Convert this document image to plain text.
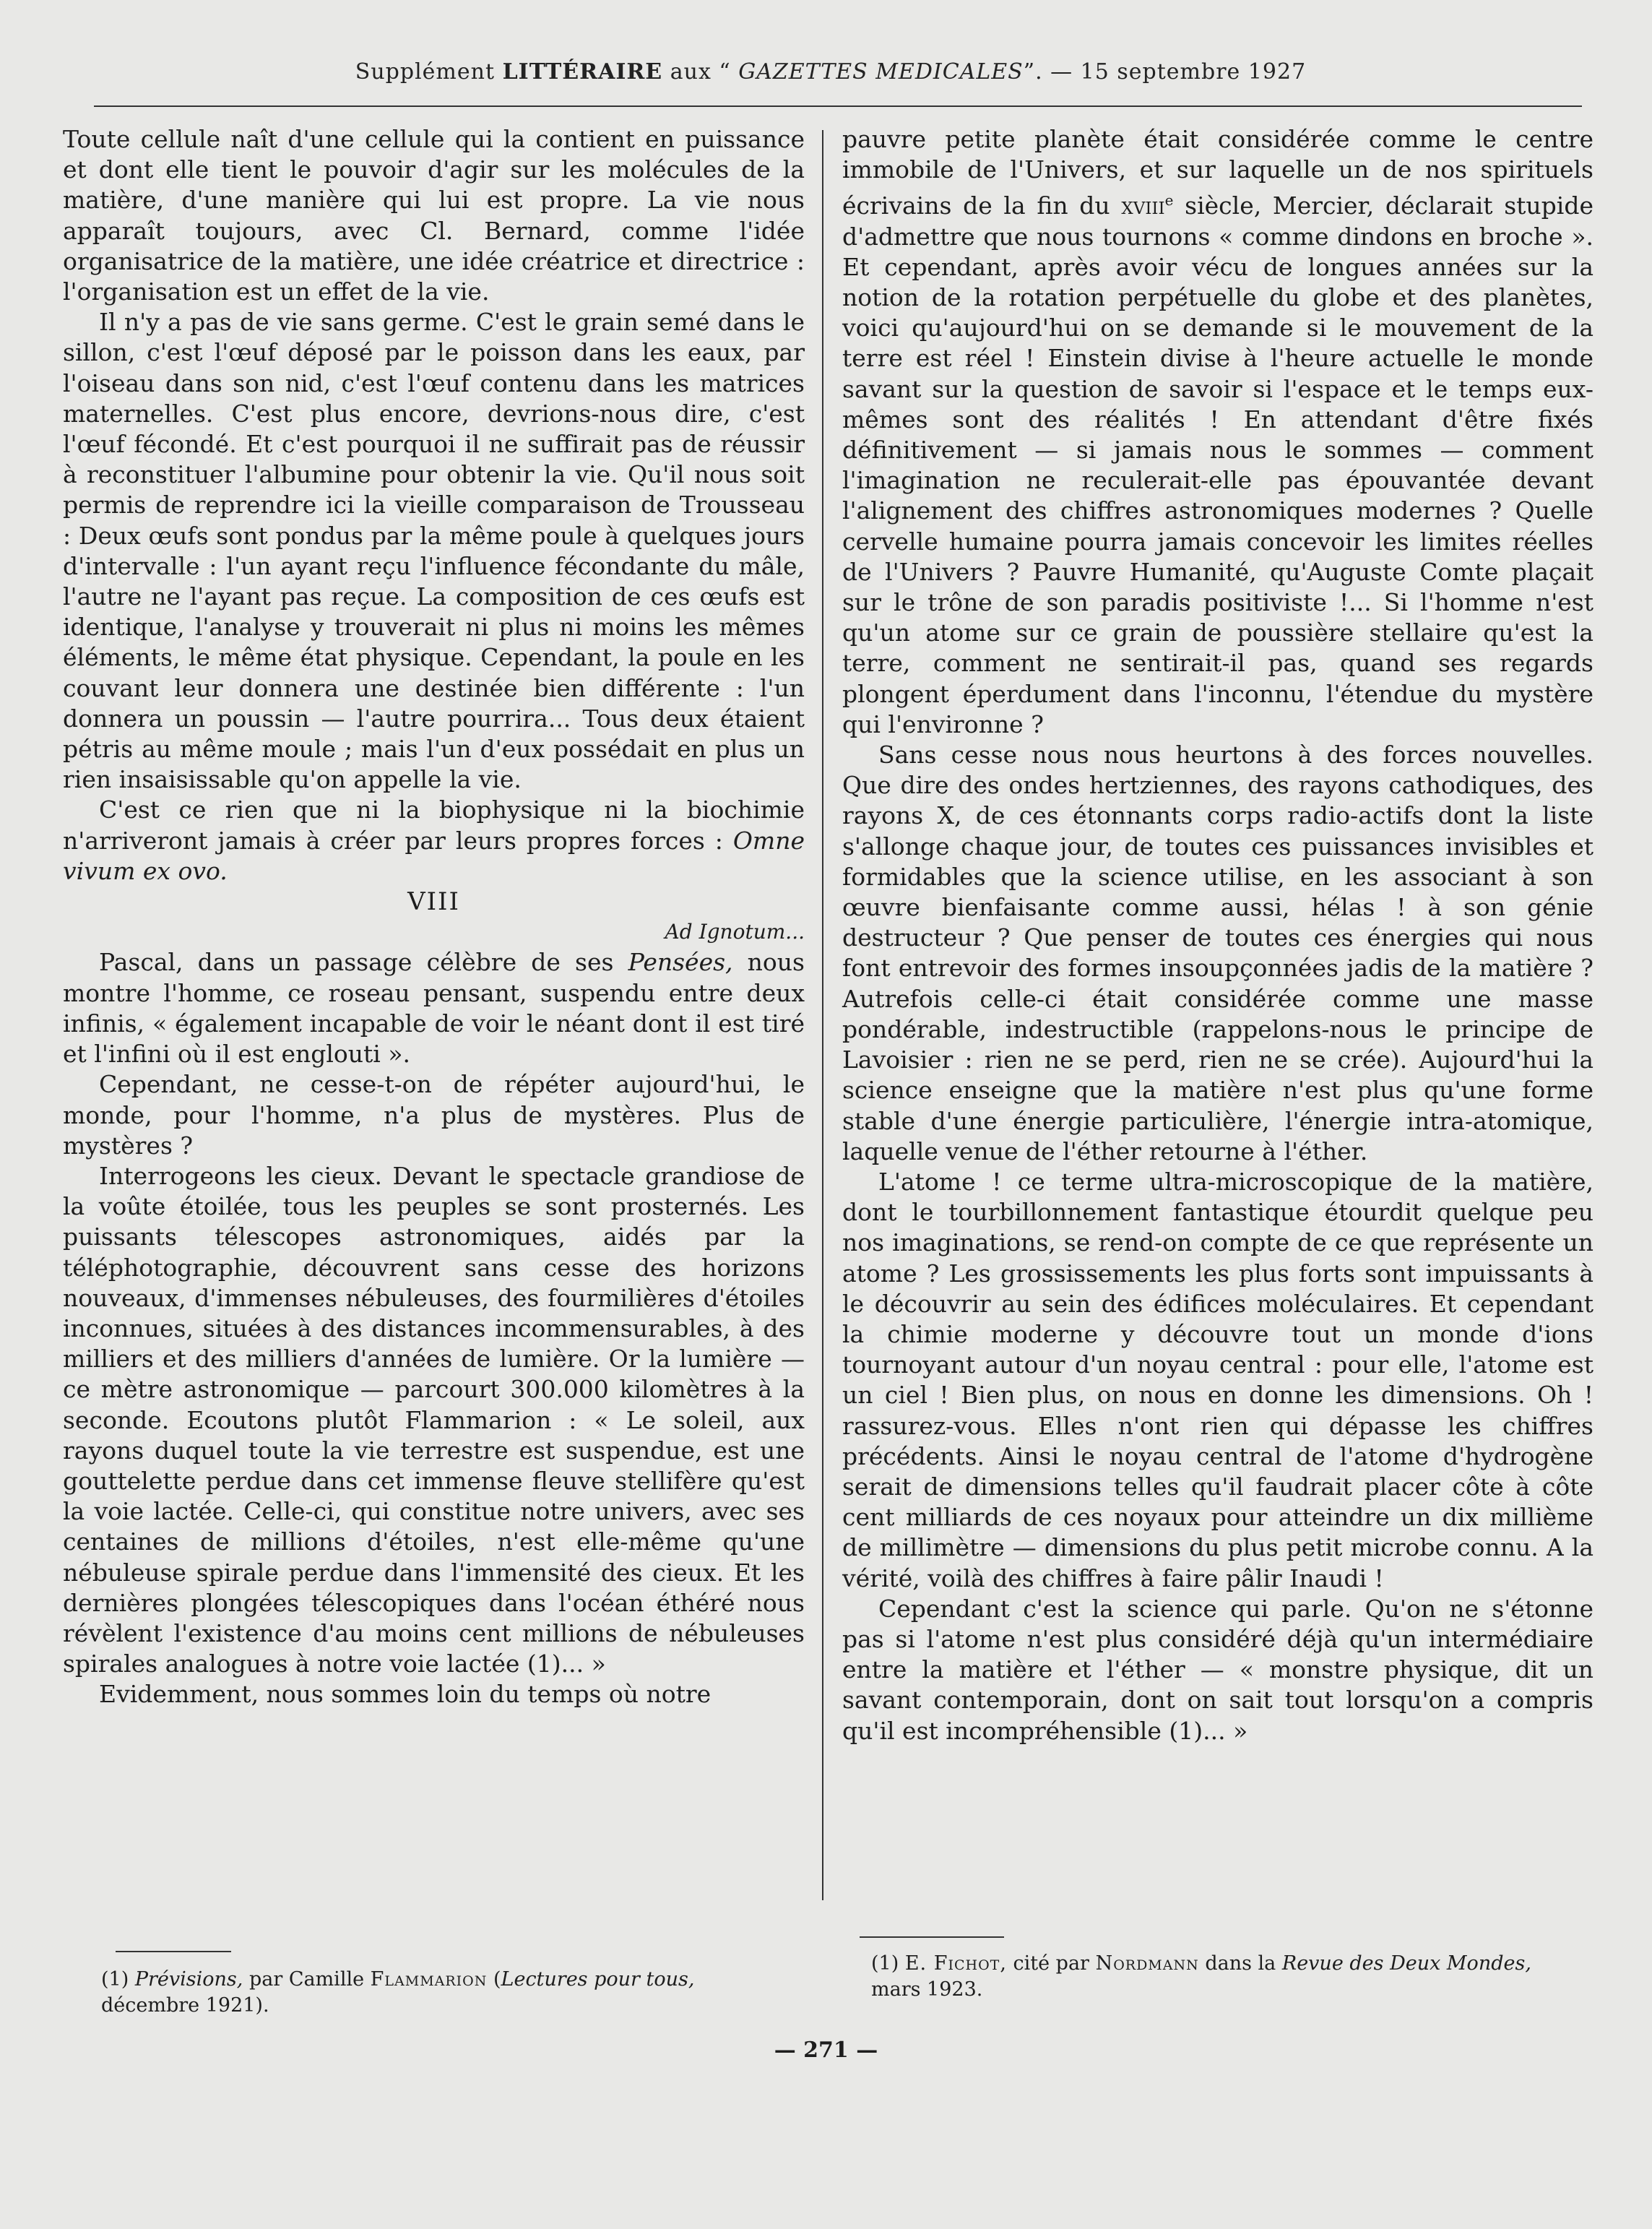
Supplément LITTÉRAIRE aux “ GAZETTES MEDICALES”. — 15 septembre 1927

Toute cellule naît d'une cellule qui la contient en puissance et dont elle tient le pouvoir d'agir sur les molécules de la matière, d'une manière qui lui est propre. La vie nous apparaît toujours, avec Cl. Bernard, comme l'idée organisatrice de la matière, une idée créatrice et directrice : l'organisation est un effet de la vie.

Il n'y a pas de vie sans germe. C'est le grain semé dans le sillon, c'est l'œuf déposé par le poisson dans les eaux, par l'oiseau dans son nid, c'est l'œuf contenu dans les matrices maternelles. C'est plus encore, devrions-nous dire, c'est l'œuf fécondé. Et c'est pourquoi il ne suffirait pas de réussir à reconstituer l'albumine pour obtenir la vie. Qu'il nous soit permis de reprendre ici la vieille comparaison de Trousseau : Deux œufs sont pondus par la même poule à quelques jours d'intervalle : l'un ayant reçu l'influence fécondante du mâle, l'autre ne l'ayant pas reçue. La composition de ces œufs est identique, l'analyse y trouverait ni plus ni moins les mêmes éléments, le même état physique. Cependant, la poule en les couvant leur donnera une destinée bien différente : l'un donnera un poussin — l'autre pourrira... Tous deux étaient pétris au même moule ; mais l'un d'eux possédait en plus un rien insaisissable qu'on appelle la vie.

C'est ce rien que ni la biophysique ni la biochimie n'arriveront jamais à créer par leurs propres forces : Omne vivum ex ovo.

VIII

Ad Ignotum...

Pascal, dans un passage célèbre de ses Pensées, nous montre l'homme, ce roseau pensant, suspendu entre deux infinis, « également incapable de voir le néant dont il est tiré et l'infini où il est englouti ».

Cependant, ne cesse-t-on de répéter aujourd'hui, le monde, pour l'homme, n'a plus de mystères. Plus de mystères ?

Interrogeons les cieux. Devant le spectacle grandiose de la voûte étoilée, tous les peuples se sont prosternés. Les puissants télescopes astronomiques, aidés par la téléphotographie, découvrent sans cesse des horizons nouveaux, d'immenses nébuleuses, des fourmilières d'étoiles inconnues, situées à des distances incommensurables, à des milliers et des milliers d'années de lumière. Or la lumière — ce mètre astronomique — parcourt 300.000 kilomètres à la seconde. Ecoutons plutôt Flammarion : « Le soleil, aux rayons duquel toute la vie terrestre est suspendue, est une gouttelette perdue dans cet immense fleuve stellifère qu'est la voie lactée. Celle-ci, qui constitue notre univers, avec ses centaines de millions d'étoiles, n'est elle-même qu'une nébuleuse spirale perdue dans l'immensité des cieux. Et les dernières plongées télescopiques dans l'océan éthéré nous révèlent l'existence d'au moins cent millions de nébuleuses spirales analogues à notre voie lactée (1)... »

Evidemment, nous sommes loin du temps où notre

(1) Prévisions, par Camille Flammarion (Lectures pour tous, décembre 1921).

pauvre petite planète était considérée comme le centre immobile de l'Univers, et sur laquelle un de nos spirituels écrivains de la fin du xviii$^e$ siècle, Mercier, déclarait stupide d'admettre que nous tournons « comme dindons en broche ». Et cependant, après avoir vécu de longues années sur la notion de la rotation perpétuelle du globe et des planètes, voici qu'aujourd'hui on se demande si le mouvement de la terre est réel ! Einstein divise à l'heure actuelle le monde savant sur la question de savoir si l'espace et le temps eux-mêmes sont des réalités ! En attendant d'être fixés définitivement — si jamais nous le sommes — comment l'imagination ne reculerait-elle pas épouvantée devant l'alignement des chiffres astronomiques modernes ? Quelle cervelle humaine pourra jamais concevoir les limites réelles de l'Univers ? Pauvre Humanité, qu'Auguste Comte plaçait sur le trône de son paradis positiviste !... Si l'homme n'est qu'un atome sur ce grain de poussière stellaire qu'est la terre, comment ne sentirait-il pas, quand ses regards plongent éperdument dans l'inconnu, l'étendue du mystère qui l'environne ?

Sans cesse nous nous heurtons à des forces nouvelles. Que dire des ondes hertziennes, des rayons cathodiques, des rayons X, de ces étonnants corps radio-actifs dont la liste s'allonge chaque jour, de toutes ces puissances invisibles et formidables que la science utilise, en les associant à son œuvre bienfaisante comme aussi, hélas ! à son génie destructeur ? Que penser de toutes ces énergies qui nous font entrevoir des formes insoupçonnées jadis de la matière ? Autrefois celle-ci était considérée comme une masse pondérable, indestructible (rappelons-nous le principe de Lavoisier : rien ne se perd, rien ne se crée). Aujourd'hui la science enseigne que la matière n'est plus qu'une forme stable d'une énergie particulière, l'énergie intra-atomique, laquelle venue de l'éther retourne à l'éther.

L'atome ! ce terme ultra-microscopique de la matière, dont le tourbillonnement fantastique étourdit quelque peu nos imaginations, se rend-on compte de ce que représente un atome ? Les grossissements les plus forts sont impuissants à le découvrir au sein des édifices moléculaires. Et cependant la chimie moderne y découvre tout un monde d'ions tournoyant autour d'un noyau central : pour elle, l'atome est un ciel ! Bien plus, on nous en donne les dimensions. Oh ! rassurez-vous. Elles n'ont rien qui dépasse les chiffres précédents. Ainsi le noyau central de l'atome d'hydrogène serait de dimensions telles qu'il faudrait placer côte à côte cent milliards de ces noyaux pour atteindre un dix millième de millimètre — dimensions du plus petit microbe connu. A la vérité, voilà des chiffres à faire pâlir Inaudi !

Cependant c'est la science qui parle. Qu'on ne s'étonne pas si l'atome n'est plus considéré déjà qu'un intermédiaire entre la matière et l'éther — « monstre physique, dit un savant contemporain, dont on sait tout lorsqu'on a compris qu'il est incompréhensible (1)... »

(1) E. Fichot, cité par Nordmann dans la Revue des Deux Mondes, mars 1923.
— 271 —
